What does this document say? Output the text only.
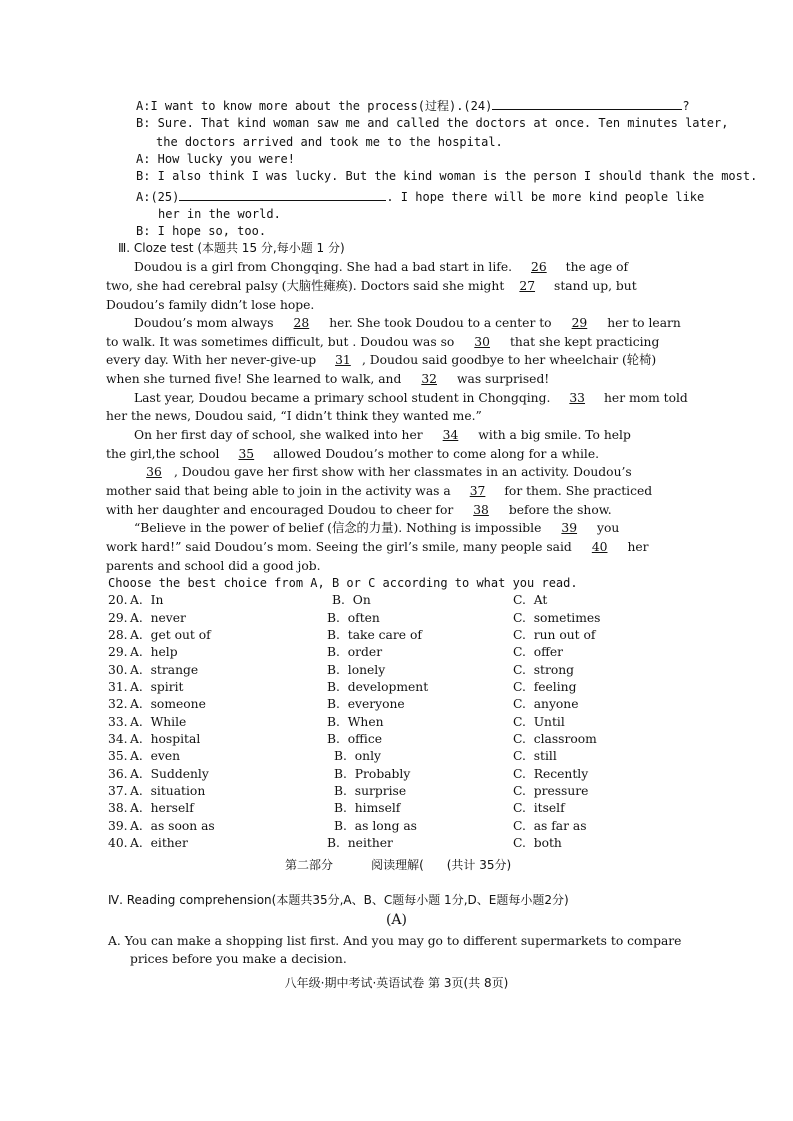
A:I want to know more about the process(过程).(24)	?
B: Sure. That kind woman saw me and called the doctors at once. Ten minutes later,
the doctors arrived and took me to the hospital.
A: How lucky you were!
B: I also think I was lucky. But the kind woman is the person I should thank the most.
A:(25)	. I hope there will be more kind people like
her in the world.
B: I hope so, too.
Ⅲ. Cloze test (本题共 15 分,每小题 1 分)
Doudou is a girl from Chongqing. She had a bad start in life. 26 the age of
two, she had cerebral palsy (大脑性瘫痪). Doctors said she might 27 stand up, but
Doudou’s family didn’t lose hope.
Doudou’s mom always 28 her. She took Doudou to a center to 29 her to learn
to walk. It was sometimes difficult, but . Doudou was so 30 that she kept practicing
every day. With her never-give-up 31 , Doudou said goodbye to her wheelchair (轮椅)
when she turned five! She learned to walk, and 32 was surprised!
Last year, Doudou became a primary school student in Chongqing. 33 her mom told
her the news, Doudou said, “I didn’t think they wanted me.”
On her first day of school, she walked into her 34 with a big smile. To help
the girl,the school 35 allowed Doudou’s mother to come along for a while.
36 , Doudou gave her first show with her classmates in an activity. Doudou’s
mother said that being able to join in the activity was a 37 for them. She practiced
with her daughter and encouraged Doudou to cheer for 38 before the show.
“Believe in the power of belief (信念的力量). Nothing is impossible 39 you
work hard!” said Doudou’s mom. Seeing the girl’s smile, many people said 40 her
parents and school did a good job.
Choose the best choice from A, B or C according to what you read.
20. A.  In	B.  On	C.  At
29. A.  never	B.  often	C.  sometimes
28. A.  get out of	B.  take care of	C.  run out of
29. A.  help	B.  order	C.  offer
30. A.  strange	B.  lonely	C.  strong
31. A.  spirit	B.  development	C.  feeling
32. A.  someone	B.  everyone	C.  anyone
33. A.  While	B.  When	C.  Until
34. A.  hospital	B.  office	C.  classroom
35. A.  even	B.  only	C.  still
36. A.  Suddenly	B.  Probably	C.  Recently
37. A.  situation	B.  surprise	C.  pressure
38. A.  herself	B.  himself	C.  itself
39. A.  as soon as	B.  as long as	C.  as far as
40. A.  either	B.  neither	C.  both
第二部分          阅读理解(      (共计 35分)
Ⅳ. Reading comprehension(本题共35分,A、B、C题每小题 1分,D、E题每小题2分)
(A)
A. You can make a shopping list first. And you may go to different supermarkets to compare
prices before you make a decision.
八年级·期中考试·英语试卷 第 3页(共 8页)
